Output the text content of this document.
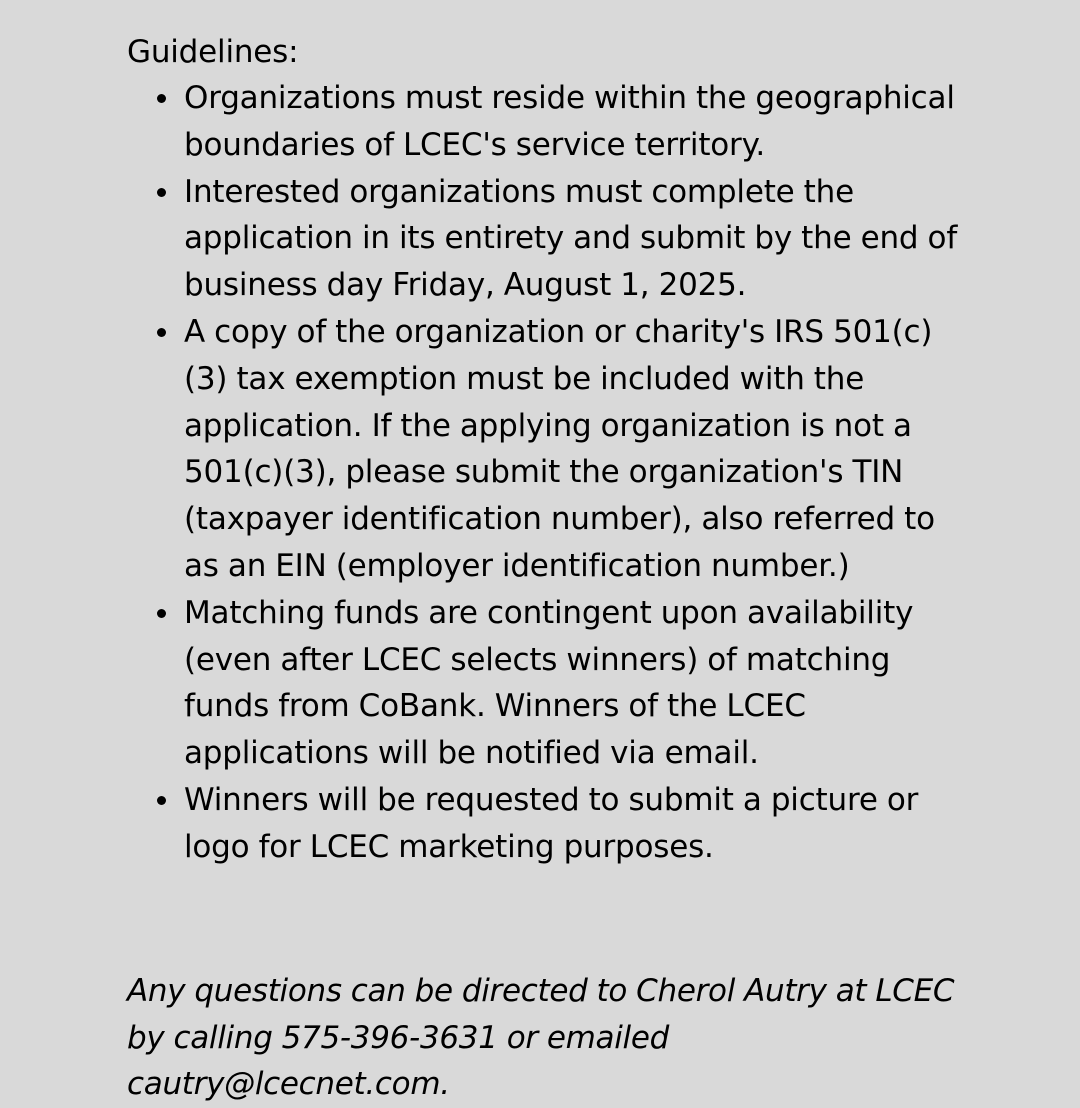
Guidelines:
Organizations must reside within the geographical boundaries of LCEC's service territory.
Interested organizations must complete the application in its entirety and submit by the end of business day Friday, August 1, 2025.
A copy of the organization or charity's IRS 501(c)(3) tax exemption must be included with the application. If the applying organization is not a 501(c)(3), please submit the organization's TIN (taxpayer identification number), also referred to as an EIN (employer identification number.)
Matching funds are contingent upon availability (even after LCEC selects winners) of matching funds from CoBank. Winners of the LCEC applications will be notified via email.
Winners will be requested to submit a picture or logo for LCEC marketing purposes.

Any questions can be directed to Cherol Autry at LCEC by calling 575-396-3631 or emailed cautry@lcecnet.com.
